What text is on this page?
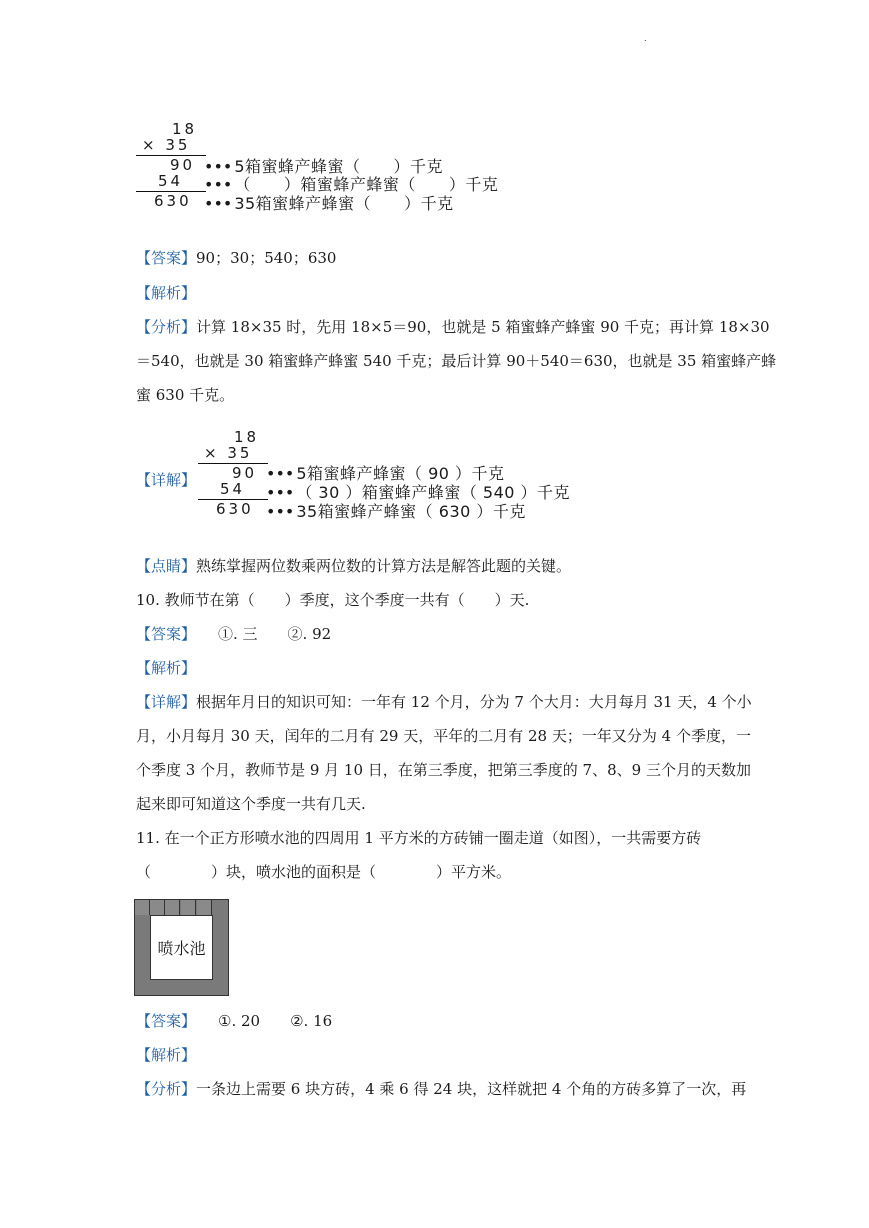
.
18
× 35
90
54
630
••• 5箱蜜蜂产蜂蜜（　　）千克
••• （　　）箱蜜蜂产蜂蜜（　　）千克
••• 35箱蜜蜂产蜂蜜（　　）千克
【答案】90；30；540；630
【解析】
【分析】计算 18×35 时，先用 18×5＝90，也就是 5 箱蜜蜂产蜂蜜 90 千克；再计算 18×30
＝540，也就是 30 箱蜜蜂产蜂蜜 540 千克；最后计算 90＋540＝630，也就是 35 箱蜜蜂产蜂
蜜 630 千克。
【详解】
18
× 35
90
54
630
••• 5箱蜜蜂产蜂蜜（ 90 ）千克
••• （ 30 ）箱蜜蜂产蜂蜜（ 540 ）千克
••• 35箱蜜蜂产蜂蜜（ 630 ）千克
【点睛】熟练掌握两位数乘两位数的计算方法是解答此题的关键。
10. 教师节在第（　　）季度，这个季度一共有（　　）天.
【答案】 ①. 三　　②. 92
【解析】
【详解】根据年月日的知识可知：一年有 12 个月，分为 7 个大月：大月每月 31 天，4 个小
月，小月每月 30 天，闰年的二月有 29 天，平年的二月有 28 天；一年又分为 4 个季度，一
个季度 3 个月，教师节是 9 月 10 日，在第三季度，把第三季度的 7、8、9 三个月的天数加
起来即可知道这个季度一共有几天.
11. 在一个正方形喷水池的四周用 1 平方米的方砖铺一圈走道（如图），一共需要方砖
（　　　　）块，喷水池的面积是（　　　　）平方米。
喷水池
【答案】 ①. 20　　②. 16
【解析】
【分析】一条边上需要 6 块方砖，4 乘 6 得 24 块，这样就把 4 个角的方砖多算了一次，再
